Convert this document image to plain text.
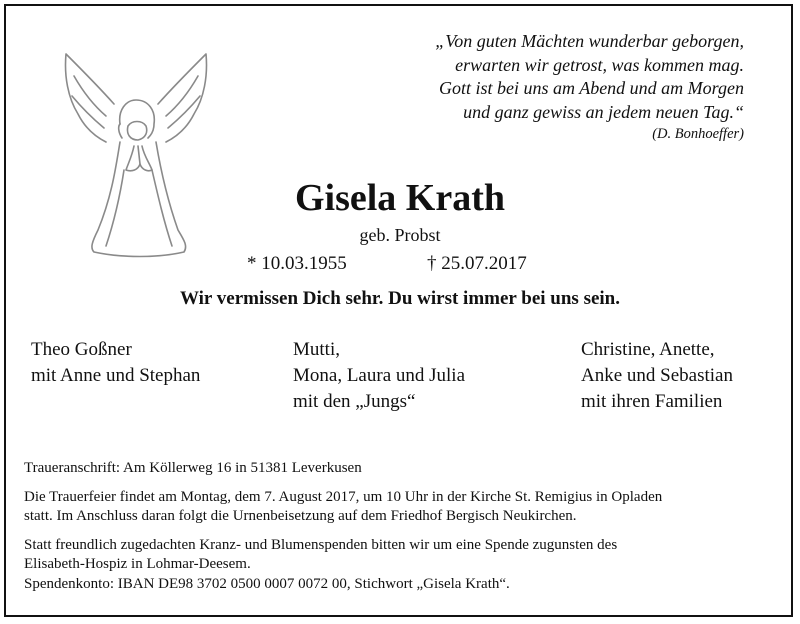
„Von guten Mächten wunderbar geborgen,
erwarten wir getrost, was kommen mag.
Gott ist bei uns am Abend und am Morgen
und ganz gewiss an jedem neuen Tag.“
(D. Bonhoeffer)
Gisela Krath
geb. Probst
* 10.03.1955	† 25.07.2017
Wir vermissen Dich sehr. Du wirst immer bei uns sein.
Theo Goßner
mit Anne und Stephan
Mutti,
Mona, Laura und Julia
mit den „Jungs“
Christine, Anette,
Anke und Sebastian
mit ihren Familien
Traueranschrift: Am Köllerweg 16 in 51381 Leverkusen
Die Trauerfeier findet am Montag, dem 7. August 2017, um 10 Uhr in der Kirche St. Remigius in Opladen
statt. Im Anschluss daran folgt die Urnenbeisetzung auf dem Friedhof Bergisch Neukirchen.
Statt freundlich zugedachten Kranz- und Blumenspenden bitten wir um eine Spende zugunsten des
Elisabeth-Hospiz in Lohmar-Deesem.
Spendenkonto: IBAN DE98 3702 0500 0007 0072 00, Stichwort „Gisela Krath“.
